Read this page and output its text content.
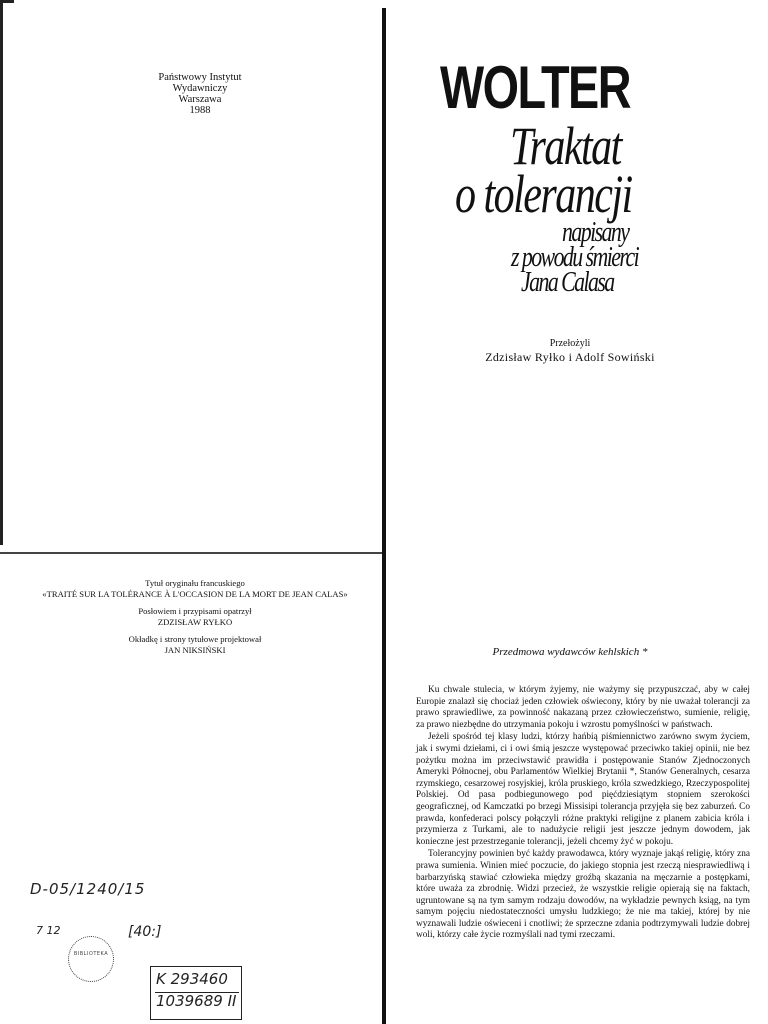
Państwowy Instytut
Wydawniczy
Warszawa
1988	WOLTER
Traktat
o tolerancji
napisany
z powodu śmierci
Jana Calasa
Przełożyli
Zdzisław Ryłko i Adolf Sowiński
Tytuł oryginału francuskiego
«TRAITÉ SUR LA TOLÉRANCE À L'OCCASION DE LA MORT DE JEAN CALAS»
Posłowiem i przypisami opatrzył
ZDZISŁAW RYŁKO
Okładkę i strony tytułowe projektował
JAN NIKSIŃSKI
D-05/1240/15
7 12	[40:]
BIBLIOTEKA
K 293460
1039689 II
Przedmowa wydawców kehlskich *

Ku chwale stulecia, w którym żyjemy, nie ważymy się przypuszczać, aby w całej Europie znalazł się chociaż jeden człowiek oświecony, który by nie uważał tolerancji za prawo sprawiedliwe, za powinność nakazaną przez człowieczeństwo, sumienie, religię, za prawo niezbędne do utrzymania pokoju i wzrostu pomyślności w państwach.

Jeżeli spośród tej klasy ludzi, którzy hańbią piśmiennictwo zarówno swym życiem, jak i swymi dziełami, ci i owi śmią jeszcze występować przeciwko takiej opinii, nie bez pożytku można im przeciwstawić prawidła i postępowanie Stanów Zjednoczonych Ameryki Północnej, obu Parlamentów Wielkiej Brytanii *, Stanów Generalnych, cesarza rzymskiego, cesarzowej rosyjskiej, króla pruskiego, króla szwedzkiego, Rzeczypospolitej Polskiej. Od pasa podbiegunowego pod pięćdziesiątym stopniem szerokości geograficznej, od Kamczatki po brzegi Missisipi tolerancja przyjęła się bez zaburzeń. Co prawda, konfederaci polscy połączyli różne praktyki religijne z planem zabicia króla i przymierza z Turkami, ale to nadużycie religii jest jeszcze jednym dowodem, jak konieczne jest przestrzeganie tolerancji, jeżeli chcemy żyć w pokoju.

Tolerancyjny powinien być każdy prawodawca, który wyznaje jakąś religię, który zna prawa sumienia. Winien mieć poczucie, do jakiego stopnia jest rzeczą niesprawiedliwą i barbarzyńską stawiać człowieka między groźbą skazania na męczarnie a postępkami, które uważa za zbrodnię. Widzi przecież, że wszystkie religie opierają się na faktach, ugruntowane są na tym samym rodzaju dowodów, na wykładzie pewnych ksiąg, na tym samym pojęciu niedostateczności umysłu ludzkiego; że nie ma takiej, której by nie wyznawali ludzie oświeceni i cnotliwi; że sprzeczne zdania podtrzymywali ludzie dobrej woli, którzy całe życie rozmyślali nad tymi rzeczami.
